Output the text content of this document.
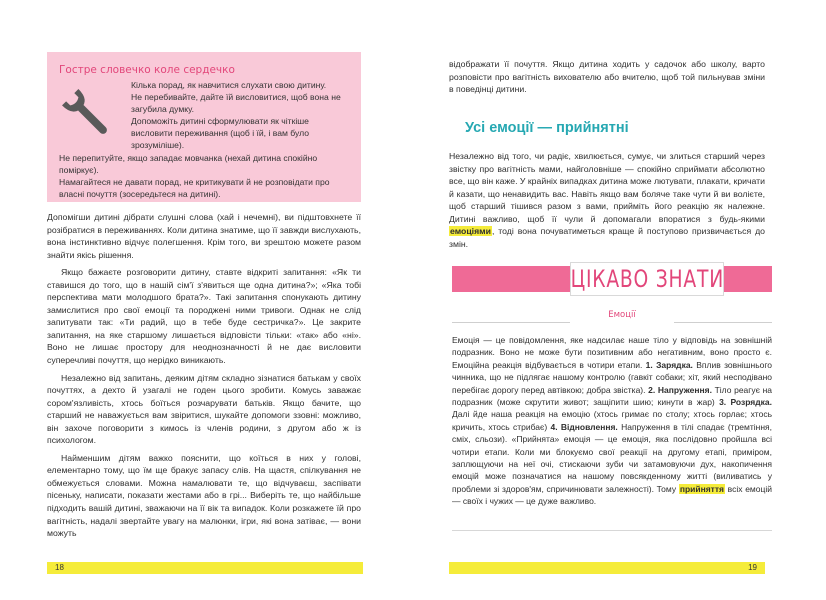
Гостре словечко коле сердечко

Кілька порад, як навчитися слухати свою дитину.

Не перебивайте, дайте їй висловитися, щоб вона не загубила думку.

Допоможіть дитині сформулювати як чіткіше висловити переживання (щоб і їй, і вам було зрозуміліше).

Не перепитуйте, якщо западає мовчанка (нехай дитина спокійно поміркує).

Намагайтеся не давати порад, не критикувати й не розповідати про власні почуття (зосередьтеся на дитині).

Допомігши дитині дібрати слушні слова (хай і нечемні), ви підштовхнете її розібратися в переживаннях. Коли дитина знатиме, що її завжди вислухають, вона інстинктивно відчує полегшення. Крім того, ви зрештою можете разом знайти якісь рішення.

Якщо бажаєте розговорити дитину, ставте відкриті запитання: «Як ти ставишся до того, що в нашій сім'ї з'явиться ще одна дитина?»; «Яка тобі перспектива мати молодшого брата?». Такі запитання спонукають дитину замислитися про свої емоції та породжені ними тривоги. Однак не слід запитувати так: «Ти радий, що в тебе буде сестричка?». Це закрите запитання, на яке старшому лишається відповісти тільки: «так» або «ні». Воно не лишає простору для неоднозначності й не дає висловити суперечливі почуття, що нерідко виникають.

Незалежно від запитань, деяким дітям складно зізнатися батькам у своїх почуттях, а дехто й узагалі не годен цього зробити. Комусь заважає сором'язливість, хтось боїться розчарувати батьків. Якщо бачите, що старший не наважується вам звіритися, шукайте допомоги ззовні: можливо, він захоче поговорити з кимось із членів родини, з другом або ж із психологом.

Найменшим дітям важко пояснити, що коїться в них у голові, елементарно тому, що їм ще бракує запасу слів. На щастя, спілкування не обмежується словами. Можна намалювати те, що відчуваєш, заспівати пісеньку, написати, показати жестами або в грі... Виберіть те, що найбільше підходить вашій дитині, зважаючи на її вік та випадок. Коли розкажете їй про вагітність, надалі звертайте увагу на малюнки, ігри, які вона затіває, — вони можуть

18
відображати її почуття. Якщо дитина ходить у садочок або школу, варто розповісти про вагітність вихователю або вчителю, щоб той пильнував зміни в поведінці дитини.
Усі емоції — прийнятні
Незалежно від того, чи радіє, хвилюється, сумує, чи злиться старший через звістку про вагітність мами, найголовніше — спокійно сприймати абсолютно все, що він каже. У крайніх випадках дитина може лютувати, плакати, кричати й казати, що ненавидить вас. Навіть якщо вам боляче таке чути й ви волієте, щоб старший тішився разом з вами, прийміть його реакцію як належне. Дитині важливо, щоб її чули й допомагали впоратися з будь-якими емоціями, тоді вона почуватиметься краще й поступово призвичається до змін.
ЦІКАВО ЗНАТИ
Емоції
Емоція — це повідомлення, яке надсилає наше тіло у відповідь на зовнішній подразник. Воно не може бути позитивним або негативним, воно просто є. Емоційна реакція відбувається в чотири етапи. 1. Зарядка. Вплив зовнішнього чинника, що не підлягає нашому контролю (гавкіт собаки; хіт, який несподівано перебігає дорогу перед автівкою; добра звістка). 2. Напруження. Тіло реагує на подразник (може скрутити живот; защіпити шию; кинути в жар) 3. Розрядка. Далі йде наша реакція на емоцію (хтось гримає по столу; хтось горлає; хтось кричить, хтось стрибає) 4. Відновлення. Напруження в тілі спадає (тремтіння, сміх, сльози). «Прийнята» емоція — це емоція, яка послідовно пройшла всі чотири етапи. Коли ми блокуємо свої реакції на другому етапі, примірoм, заплющуючи на неї очі, стискаючи зуби чи затамовуючи дух, накопичення емоцій може позначатися на нашому повсякденному житті (виливатись у проблеми зі здоров'ям, спричинювати залежності). Тому прийняття всіх емоцій — своїх і чужих — це дуже важливо.
19
